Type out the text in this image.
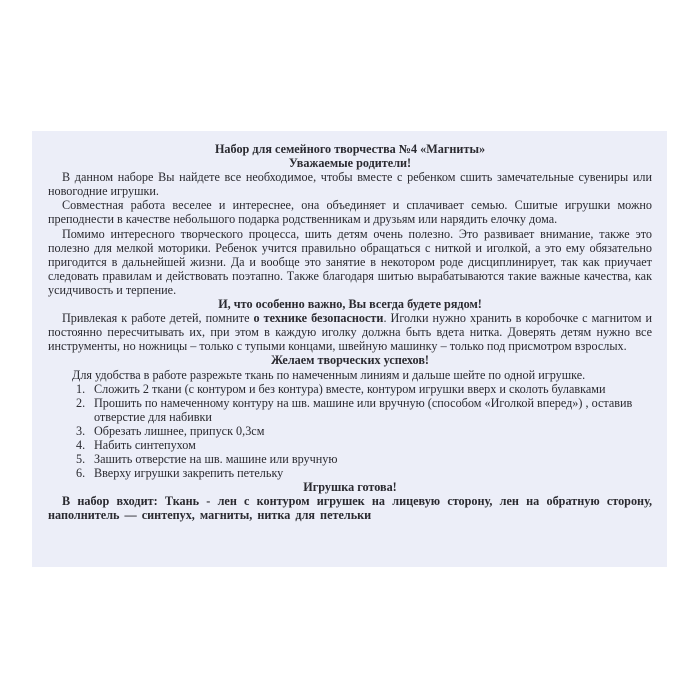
Набор для семейного творчества №4 «Магниты»
Уважаемые родители!

В данном наборе Вы найдете все необходимое, чтобы вместе с ребенком сшить замечательные сувениры или новогодние игрушки.

Совместная работа веселее и интереснее, она объединяет и сплачивает семью. Сшитые игрушки можно преподнести в качестве небольшого подарка родственникам и друзьям или нарядить елочку дома.

Помимо интересного творческого процесса, шить детям очень полезно. Это развивает внимание, также это полезно для мелкой моторики. Ребенок учится правильно обращаться с ниткой и иголкой, а это ему обязательно пригодится в дальнейшей жизни. Да и вообще это занятие в некотором роде дисциплинирует, так как приучает следовать правилам и действовать поэтапно. Также благодаря шитью вырабатываются такие важные качества, как усидчивость и терпение.

И, что особенно важно, Вы всегда будете рядом!

Привлекая к работе детей, помните о технике безопасности. Иголки нужно хранить в коробочке с магнитом и постоянно пересчитывать их, при этом в каждую иголку должна быть вдета нитка. Доверять детям нужно все инструменты, но ножницы – только с тупыми концами, швейную машинку – только под присмотром взрослых.

Желаем творческих успехов!

Для удобства в работе разрежьте ткань по намеченным линиям и дальше шейте по одной игрушке.

1. Сложить 2 ткани (с контуром и без контура) вместе, контуром игрушки вверх и сколоть булавками
2. Прошить по намеченному контуру на шв. машине или вручную (способом «Иголкой вперед») , оставив отверстие для набивки
3. Обрезать лишнее, припуск 0,3см
4. Набить синтепухом
5. Зашить отверстие на шв. машине или вручную
6. Вверху игрушки закрепить петельку
Игрушка готова!

В набор входит: Ткань - лен с контуром игрушек на лицевую сторону, лен на обратную сторону, наполнитель — синтепух, магниты, нитка для петельки
